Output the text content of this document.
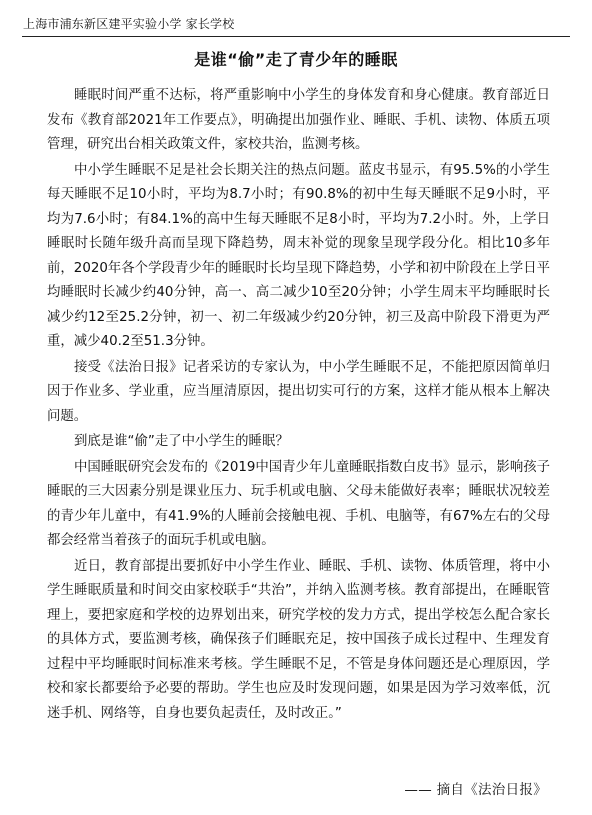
上海市浦东新区建平实验小学 家长学校
是谁“偷”走了青少年的睡眠

睡眠时间严重不达标，将严重影响中小学生的身体发育和身心健康。教育部近日发布《教育部2021年工作要点》，明确提出加强作业、睡眠、手机、读物、体质五项管理，研究出台相关政策文件，家校共治，监测考核。

中小学生睡眠不足是社会长期关注的热点问题。蓝皮书显示，有95.5%的小学生每天睡眠不足10小时，平均为8.7小时；有90.8%的初中生每天睡眠不足9小时，平均为7.6小时；有84.1%的高中生每天睡眠不足8小时，平均为7.2小时。外，上学日睡眠时长随年级升高而呈现下降趋势，周末补觉的现象呈现学段分化。相比10多年前，2020年各个学段青少年的睡眠时长均呈现下降趋势，小学和初中阶段在上学日平均睡眠时长减少约40分钟，高一、高二减少10至20分钟；小学生周末平均睡眠时长减少约12至25.2分钟，初一、初二年级减少约20分钟，初三及高中阶段下滑更为严重，减少40.2至51.3分钟。

接受《法治日报》记者采访的专家认为，中小学生睡眠不足，不能把原因简单归因于作业多、学业重，应当厘清原因，提出切实可行的方案，这样才能从根本上解决问题。

到底是谁“偷”走了中小学生的睡眠？

中国睡眠研究会发布的《2019中国青少年儿童睡眠指数白皮书》显示，影响孩子睡眠的三大因素分别是课业压力、玩手机或电脑、父母未能做好表率；睡眠状况较差的青少年儿童中，有41.9%的人睡前会接触电视、手机、电脑等，有67%左右的父母都会经常当着孩子的面玩手机或电脑。

近日，教育部提出要抓好中小学生作业、睡眠、手机、读物、体质管理，将中小学生睡眠质量和时间交由家校联手“共治”，并纳入监测考核。教育部提出，在睡眠管理上，要把家庭和学校的边界划出来，研究学校的发力方式，提出学校怎么配合家长的具体方式，要监测考核，确保孩子们睡眠充足，按中国孩子成长过程中、生理发育过程中平均睡眠时间标准来考核。学生睡眠不足，不管是身体问题还是心理原因，学校和家长都要给予必要的帮助。学生也应及时发现问题，如果是因为学习效率低，沉迷手机、网络等，自身也要负起责任，及时改正。”

—— 摘自《法治日报》
